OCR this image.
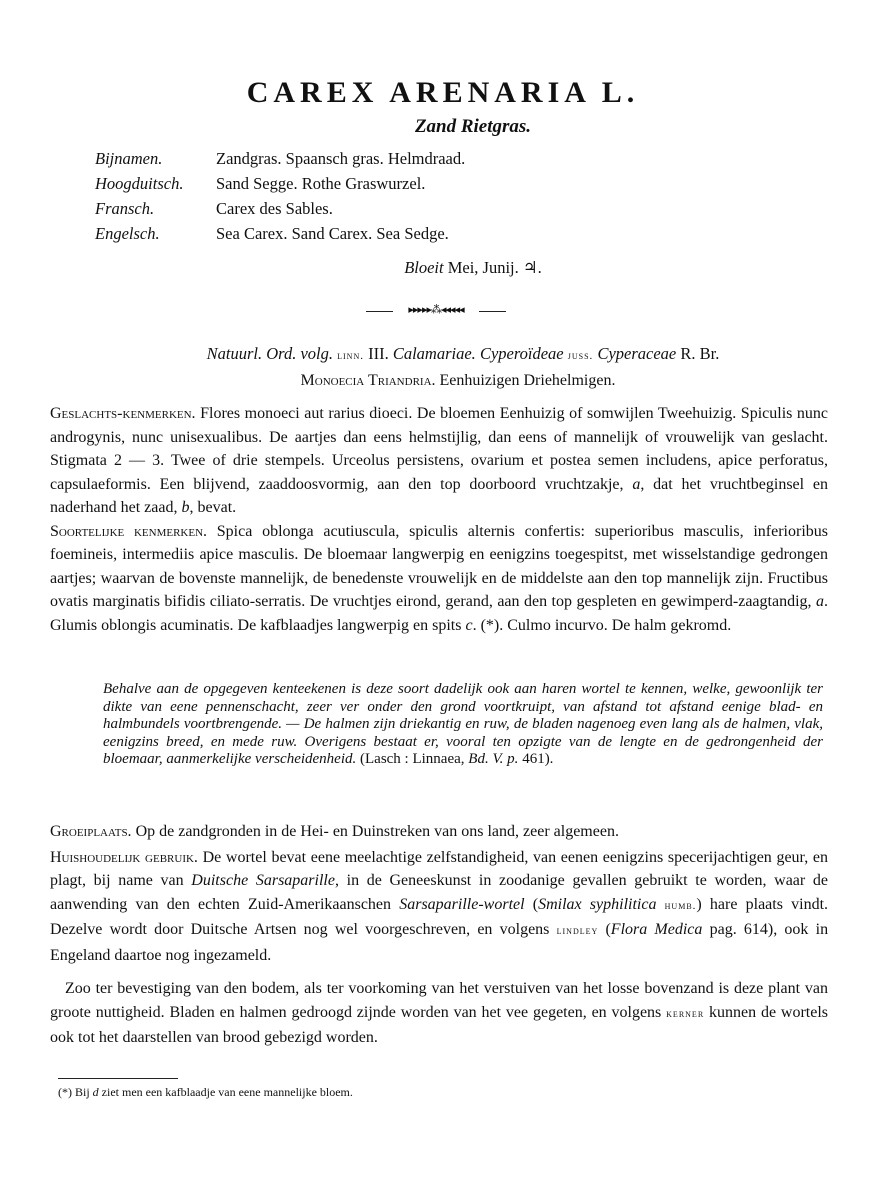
CAREX ARENARIA L.
Zand Rietgras.
Bijnamen.	Zandgras. Spaansch gras. Helmdraad.
Hoogduitsch.	Sand Segge. Rothe Graswurzel.
Fransch.	Carex des Sables.
Engelsch.	Sea Carex. Sand Carex. Sea Sedge.
Bloeit Mei, Junij. ♃.
▸▸▸▸▸⁂◂◂◂◂◂
Natuurl. Ord. volg. linn. III. Calamariae. Cyperoïdeae juss. Cyperaceae R. Br.
Monoecia Triandria. Eenhuizigen Driehelmigen.

Geslachts-kenmerken. Flores monoeci aut rarius dioeci. De bloemen Eenhuizig of somwijlen Tweehuizig. Spiculis nunc androgynis, nunc unisexualibus. De aartjes dan eens helmstijlig, dan eens of mannelijk of vrouwelijk van geslacht. Stigmata 2 — 3. Twee of drie stempels. Urceolus persistens, ovarium et postea semen includens, apice perforatus, capsulaeformis. Een blijvend, zaaddoosvormig, aan den top doorboord vruchtzakje, a, dat het vruchtbeginsel en naderhand het zaad, b, bevat.

Soortelijke kenmerken. Spica oblonga acutiuscula, spiculis alternis confertis: superioribus masculis, inferioribus foemineis, intermediis apice masculis. De bloemaar langwerpig en eenigzins toegespitst, met wisselstandige gedrongen aartjes; waarvan de bovenste mannelijk, de benedenste vrouwelijk en de middelste aan den top mannelijk zijn. Fructibus ovatis marginatis bifidis ciliato-serratis. De vruchtjes eirond, gerand, aan den top gespleten en gewimperd-zaagtandig, a. Glumis oblongis acuminatis. De kafblaadjes langwerpig en spits c. (*). Culmo incurvo. De halm gekromd.

Behalve aan de opgegeven kenteekenen is deze soort dadelijk ook aan haren wortel te kennen, welke, gewoonlijk ter dikte van eene pennenschacht, zeer ver onder den grond voortkruipt, van afstand tot afstand eenige blad- en halmbundels voortbrengende. — De halmen zijn driekantig en ruw, de bladen nagenoeg even lang als de halmen, vlak, eenigzins breed, en mede ruw. Overigens bestaat er, vooral ten opzigte van de lengte en de gedrongenheid der bloemaar, aanmerkelijke verscheidenheid. (Lasch : Linnaea, Bd. V. p. 461).

Groeiplaats. Op de zandgronden in de Hei- en Duinstreken van ons land, zeer algemeen.

Huishoudelijk gebruik. De wortel bevat eene meelachtige zelfstandigheid, van eenen eenigzins specerijachtigen geur, en plagt, bij name van Duitsche Sarsaparille, in de Geneeskunst in zoodanige gevallen gebruikt te worden, waar de aanwending van den echten Zuid-Amerikaanschen Sarsaparille-wortel (Smilax syphilitica humb.) hare plaats vindt. Dezelve wordt door Duitsche Artsen nog wel voorgeschreven, en volgens lindley (Flora Medica pag. 614), ook in Engeland daartoe nog ingezameld.

Zoo ter bevestiging van den bodem, als ter voorkoming van het verstuiven van het losse bovenzand is deze plant van groote nuttigheid. Bladen en halmen gedroogd zijnde worden van het vee gegeten, en volgens kerner kunnen de wortels ook tot het daarstellen van brood gebezigd worden.

(*) Bij d ziet men een kafblaadje van eene mannelijke bloem.
